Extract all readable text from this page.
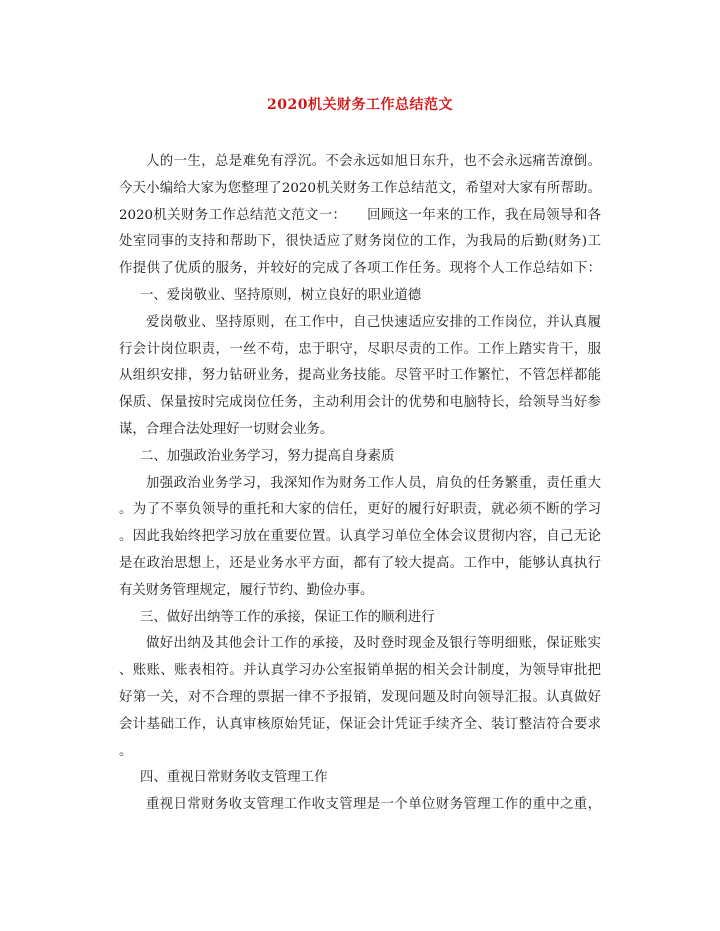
2020机关财务工作总结范文
人的一生，总是难免有浮沉。不会永远如旭日东升，也不会永远痛苦潦倒。
今天小编给大家为您整理了2020机关财务工作总结范文，希望对大家有所帮助。
2020机关财务工作总结范文范文一：　　回顾这一年来的工作，我在局领导和各
处室同事的支持和帮助下，很快适应了财务岗位的工作，为我局的后勤(财务)工
作提供了优质的服务，并较好的完成了各项工作任务。现将个人工作总结如下：
一、爱岗敬业、坚持原则，树立良好的职业道德
爱岗敬业、坚持原则，在工作中，自己快速适应安排的工作岗位，并认真履
行会计岗位职责，一丝不苟，忠于职守，尽职尽责的工作。工作上踏实肯干，服
从组织安排，努力钻研业务，提高业务技能。尽管平时工作繁忙，不管怎样都能
保质、保量按时完成岗位任务，主动利用会计的优势和电脑特长，给领导当好参
谋，合理合法处理好一切财会业务。
二、加强政治业务学习，努力提高自身素质
加强政治业务学习，我深知作为财务工作人员，肩负的任务繁重，责任重大
。为了不辜负领导的重托和大家的信任，更好的履行好职责，就必须不断的学习
。因此我始终把学习放在重要位置。认真学习单位全体会议贯彻内容，自己无论
是在政治思想上，还是业务水平方面，都有了较大提高。工作中，能够认真执行
有关财务管理规定，履行节约、勤俭办事。
三、做好出纳等工作的承接，保证工作的顺利进行
做好出纳及其他会计工作的承接，及时登时现金及银行等明细账，保证账实
、账账、账表相符。并认真学习办公室报销单据的相关会计制度，为领导审批把
好第一关，对不合理的票据一律不予报销，发现问题及时向领导汇报。认真做好
会计基础工作，认真审核原始凭证，保证会计凭证手续齐全、装订整洁符合要求
。
四、重视日常财务收支管理工作
重视日常财务收支管理工作收支管理是一个单位财务管理工作的重中之重，
